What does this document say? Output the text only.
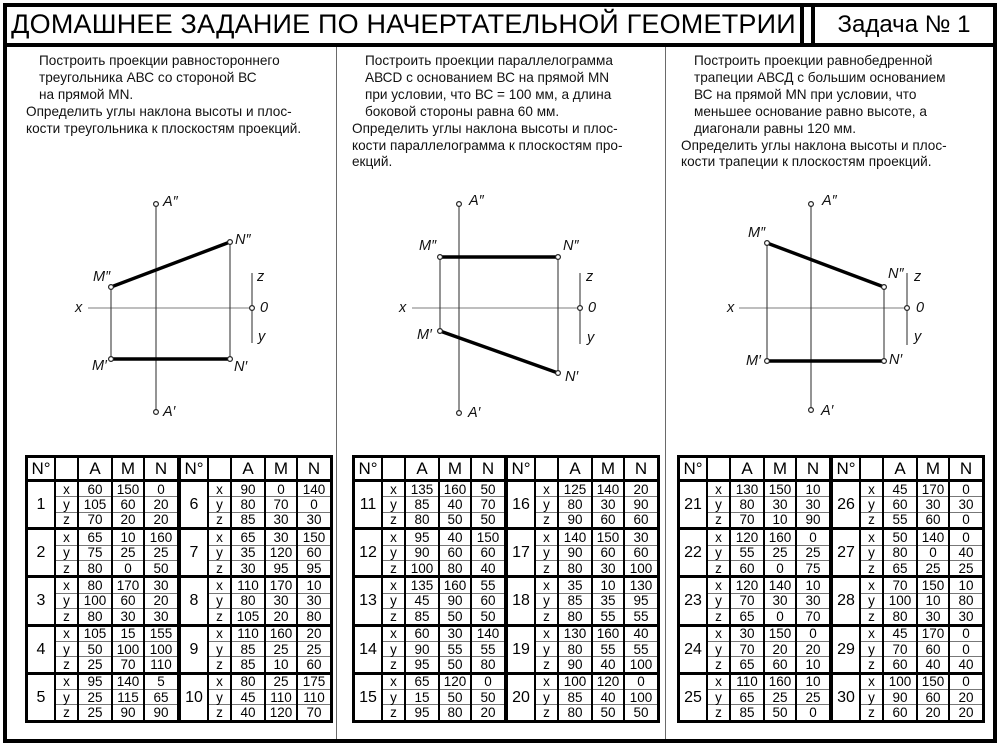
ДОМАШНЕЕ ЗАДАНИЕ ПО НАЧЕРТАТЕЛЬНОЙ ГЕОМЕТРИИ	Задача № 1
Построить проекции равностороннего
треугольника АВС со стороной ВС
на прямой MN.
Определить углы наклона высоты и плос-
кости треугольника к плоскостям проекций.
Построить проекции параллелограмма
АВСD с основанием ВС на прямой MN
при условии, что ВС = 100 мм, а длина
боковой стороны равна 60 мм.
Определить углы наклона высоты и плос-
кости параллелограмма к плоскостям про-
екций.
Построить проекции равнобедренной
трапеции АВСД с большим основанием
ВС на прямой MN при условии, что
меньшее основание равно высоте, а
диагонали равны 120 мм.
Определить углы наклона высоты и плос-
кости трапеции к плоскостям проекций.
A″
A′
M″
N″
M′	N′
x
z
0
y
A″
A′
M″	N″
M′
N′
x
z
0
y
A″
A′
M″
N″
M′	N′
x
z
0
y
N°		A	M	N
1	x	60	150	0
	y	105	60	20
	z	70	20	20
2	x	65	10	160
	y	75	25	25
	z	80	0	50
3	x	80	170	30
	y	100	60	20
	z	80	30	30
4	x	105	15	155
	y	50	100	100
	z	25	70	110
5	x	95	140	5
	y	25	115	65
	z	25	90	90
N°		A	M	N
6	x	90	0	140
	y	80	70	0
	z	85	30	30
7	x	65	30	150
	y	35	120	60
	z	30	95	95
8	x	110	170	10
	y	80	30	30
	z	105	20	80
9	x	110	160	20
	y	85	25	25
	z	85	10	60
10	x	80	25	175
	y	45	110	110
	z	40	120	70
N°		A	M	N
11	x	135	160	50
	y	85	40	70
	z	80	50	50
12	x	95	40	150
	y	90	60	60
	z	100	80	40
13	x	135	160	55
	y	45	90	60
	z	85	50	50
14	x	60	30	140
	y	90	55	55
	z	95	50	80
15	x	65	120	0
	y	15	50	50
	z	95	80	20
N°		A	M	N
16	x	125	140	20
	y	80	30	90
	z	90	60	60
17	x	140	150	30
	y	90	60	60
	z	80	30	100
18	x	35	10	130
	y	85	35	95
	z	80	55	55
19	x	130	160	40
	y	80	55	55
	z	90	40	100
20	x	100	120	0
	y	85	40	100
	z	80	50	50
N°		A	M	N
21	x	130	150	10
	y	80	30	30
	z	70	10	90
22	x	120	160	0
	y	55	25	25
	z	60	0	75
23	x	120	140	10
	y	70	30	30
	z	65	0	70
24	x	30	150	0
	y	70	20	20
	z	65	60	10
25	x	110	160	10
	y	65	25	25
	z	85	50	0
N°		A	M	N
26	x	45	170	0
	y	60	30	30
	z	55	60	0
27	x	50	140	0
	y	80	0	40
	z	65	25	25
28	x	70	150	10
	y	100	10	80
	z	80	30	30
29	x	45	170	0
	y	70	60	0
	z	60	40	40
30	x	100	150	0
	y	90	60	20
	z	60	20	20
